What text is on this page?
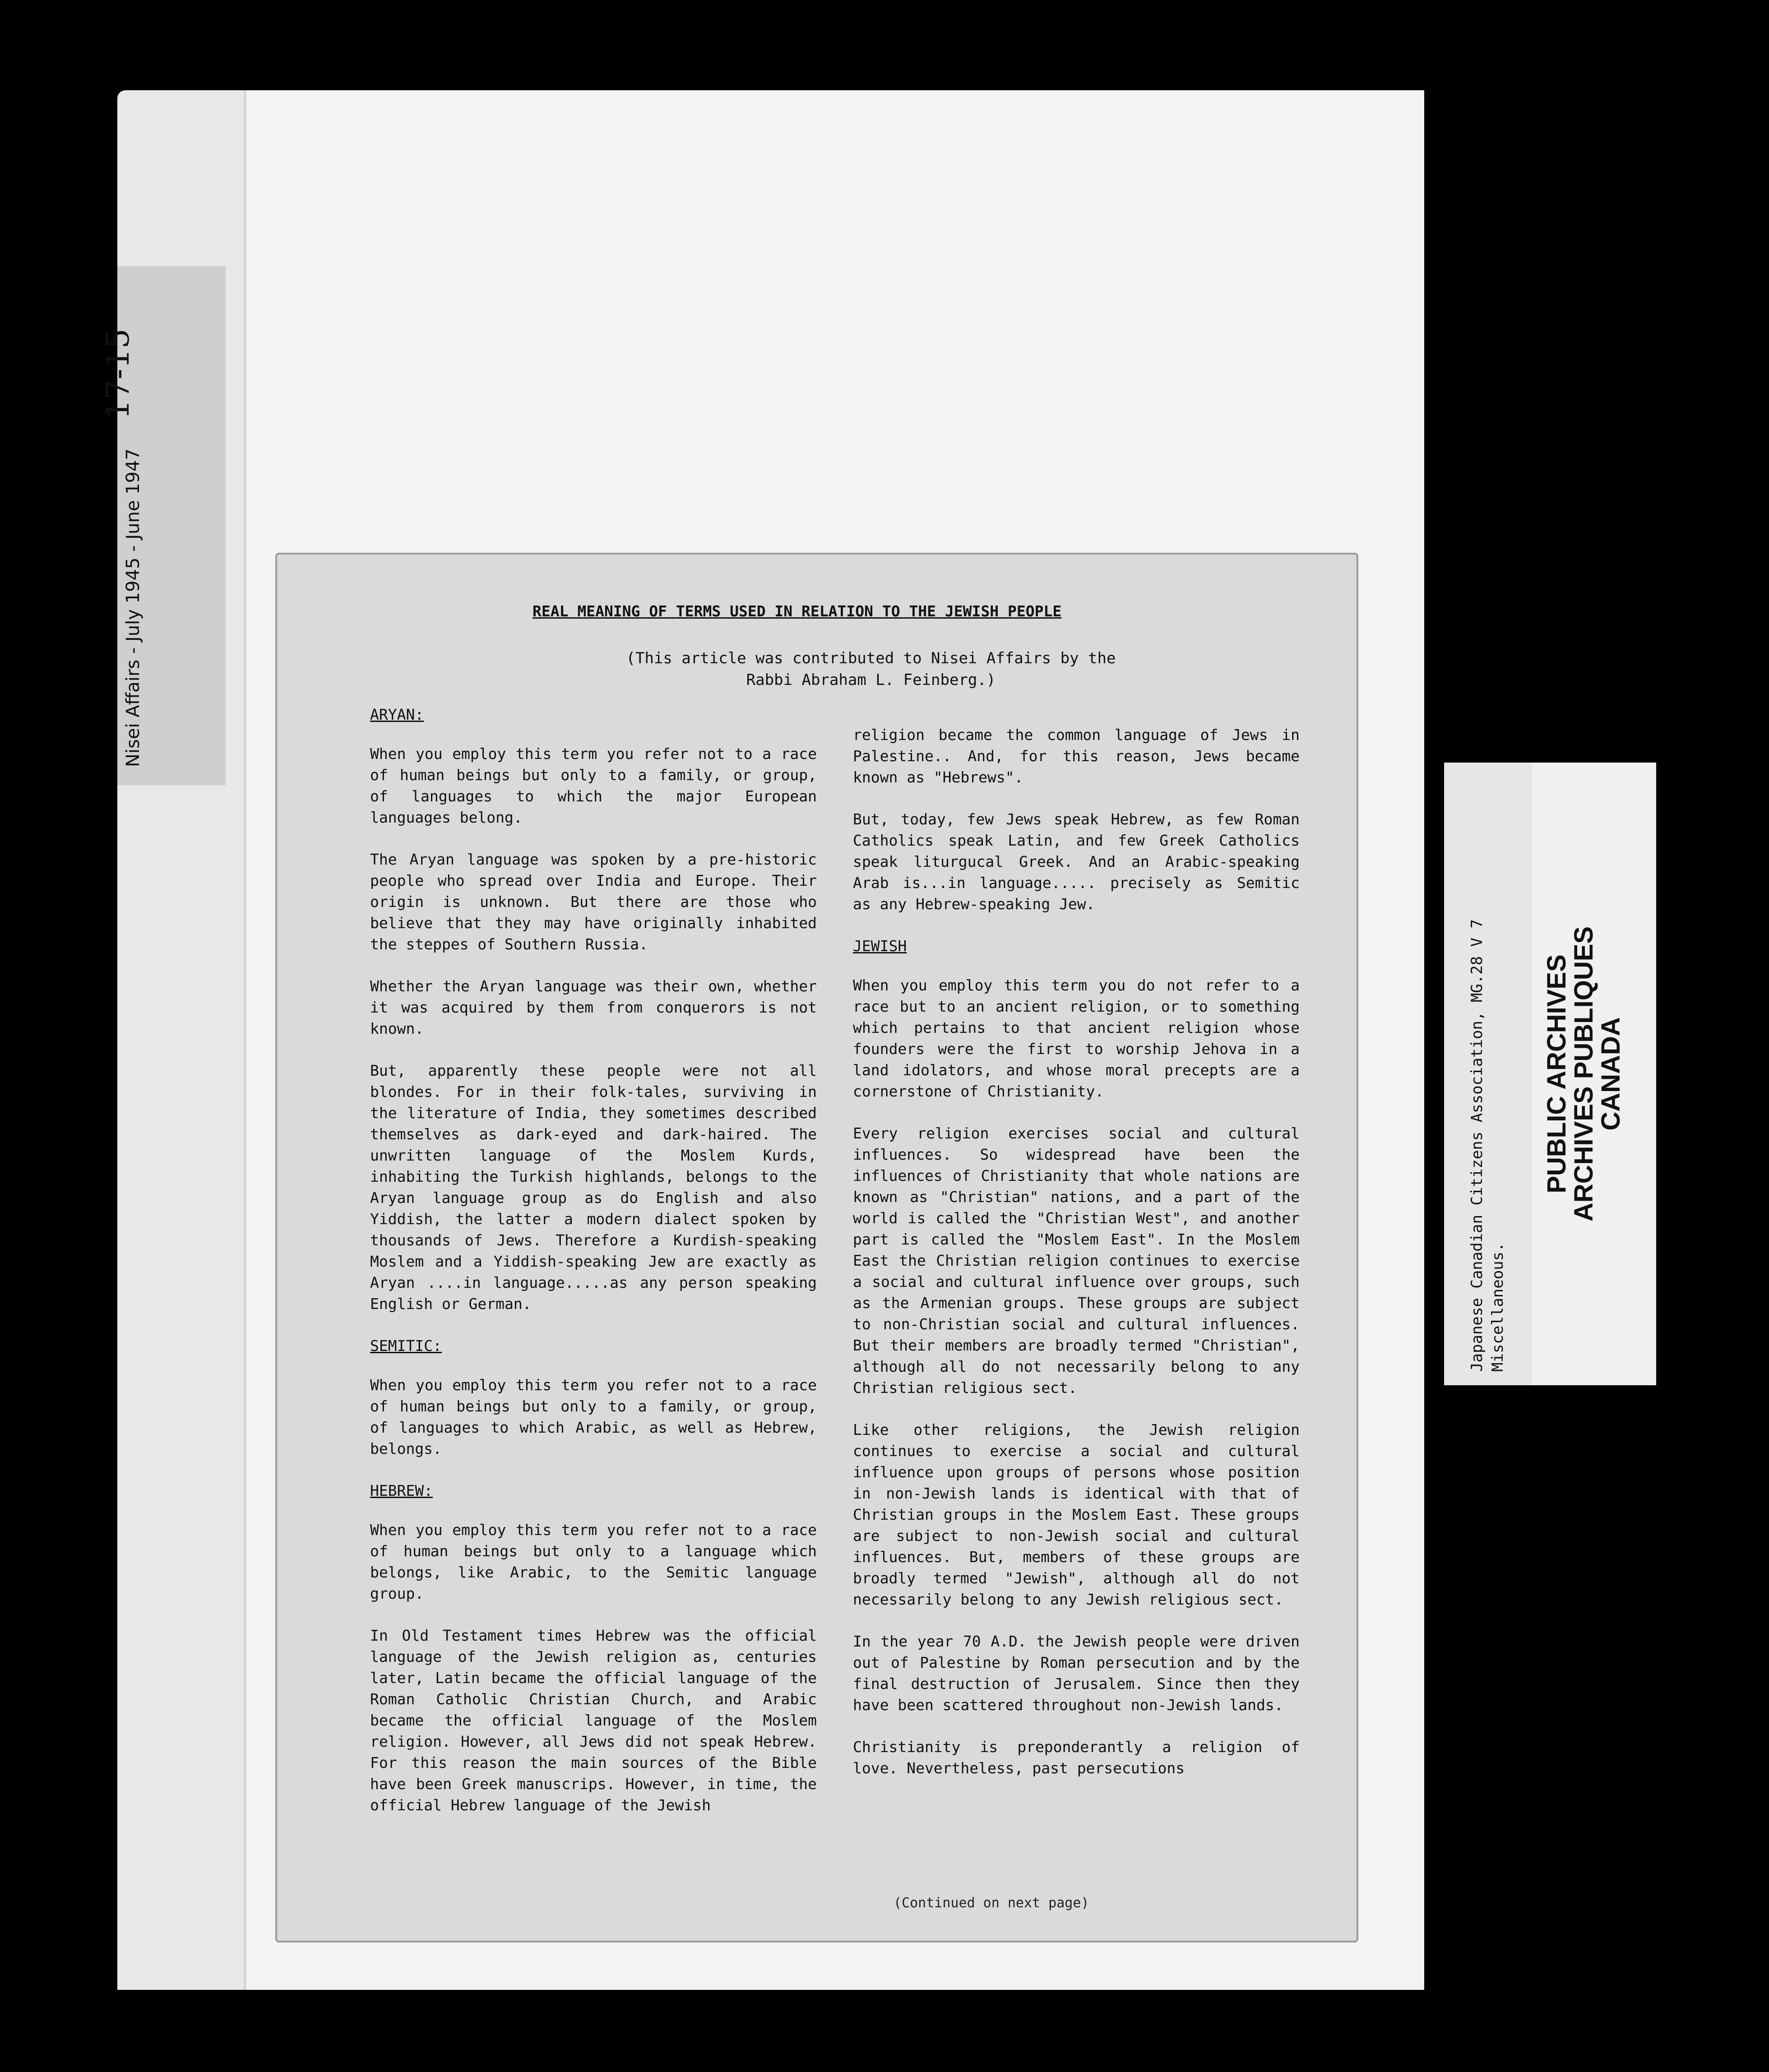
Nisei Affairs - July 1945 - June 1947
17-15
REAL MEANING OF TERMS USED IN RELATION TO THE JEWISH PEOPLE
(This article was contributed to Nisei Affairs by the Rabbi Abraham L. Feinberg.)
ARYAN:

When you employ this term you refer not to a race of human beings but only to a family, or group, of languages to which the major European languages belong.

The Aryan language was spoken by a pre-historic people who spread over India and Europe. Their origin is unknown. But there are those who believe that they may have originally inhabited the steppes of Southern Russia.

Whether the Aryan language was their own, whether it was acquired by them from conquerors is not known.

But, apparently these people were not all blondes. For in their folk-tales, surviving in the literature of India, they sometimes described themselves as dark-eyed and dark-haired. The unwritten language of the Moslem Kurds, inhabiting the Turkish highlands, belongs to the Aryan language group as do English and also Yiddish, the latter a modern dialect spoken by thousands of Jews. Therefore a Kurdish-speaking Moslem and a Yiddish-speaking Jew are exactly as Aryan ....in language.....as any person speaking English or German.

SEMITIC:

When you employ this term you refer not to a race of human beings but only to a family, or group, of languages to which Arabic, as well as Hebrew, belongs.

HEBREW:

When you employ this term you refer not to a race of human beings but only to a language which belongs, like Arabic, to the Semitic language group.

In Old Testament times Hebrew was the official language of the Jewish religion as, centuries later, Latin became the official language of the Roman Catholic Christian Church, and Arabic became the official language of the Moslem religion. However, all Jews did not speak Hebrew. For this reason the main sources of the Bible have been Greek manuscrips. However, in time, the official Hebrew language of the Jewish

religion became the common language of Jews in Palestine.. And, for this reason, Jews became known as "Hebrews".

But, today, few Jews speak Hebrew, as few Roman Catholics speak Latin, and few Greek Catholics speak liturgucal Greek. And an Arabic-speaking Arab is...in language..... precisely as Semitic as any Hebrew-speaking Jew.

JEWISH

When you employ this term you do not refer to a race but to an ancient religion, or to something which pertains to that ancient religion whose founders were the first to worship Jehova in a land idolators, and whose moral precepts are a cornerstone of Christianity.

Every religion exercises social and cultural influences. So widespread have been the influences of Christianity that whole nations are known as "Christian" nations, and a part of the world is called the "Christian West", and another part is called the "Moslem East". In the Moslem East the Christian religion continues to exercise a social and cultural influence over groups, such as the Armenian groups. These groups are subject to non-Christian social and cultural influences. But their members are broadly termed "Christian", although all do not necessarily belong to any Christian religious sect.

Like other religions, the Jewish religion continues to exercise a social and cultural influence upon groups of persons whose position in non-Jewish lands is identical with that of Christian groups in the Moslem East. These groups are subject to non-Jewish social and cultural influences. But, members of these groups are broadly termed "Jewish", although all do not necessarily belong to any Jewish religious sect.

In the year 70 A.D. the Jewish people were driven out of Palestine by Roman persecution and by the final destruction of Jerusalem. Since then they have been scattered throughout non-Jewish lands.

Christianity is preponderantly a religion of love. Nevertheless, past persecutions

(Continued on next page)
Japanese Canadian Citizens Association, MG.28 V 7 Miscellaneous.
PUBLIC ARCHIVES
ARCHIVES PUBLIQUES
CANADA
